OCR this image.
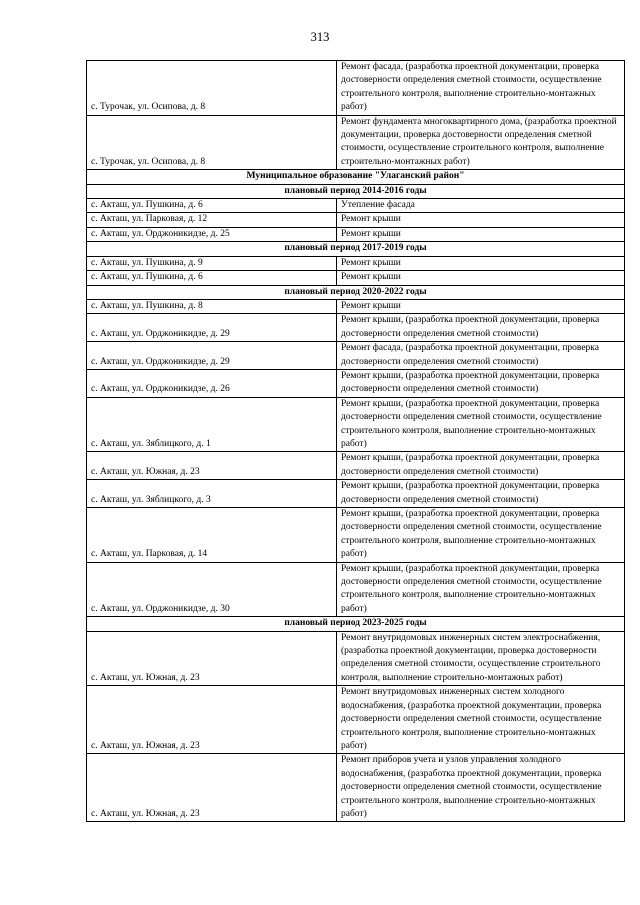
313
с. Турочак, ул. Осипова, д. 8	Ремонт фасада, (разработка проектной документации, проверка достоверности определения сметной стоимости, осуществление строительного контроля, выполнение строительно-монтажных работ)
с. Турочак, ул. Осипова, д. 8	Ремонт фундамента многоквартирного дома, (разработка проектной документации, проверка достоверности определения сметной стоимости, осуществление строительного контроля, выполнение строительно-монтажных работ)
Муниципальное образование "Улаганский район"	
плановый период 2014-2016 годы	
с. Акташ, ул. Пушкина, д. 6	Утепление фасада
с. Акташ, ул. Парковая, д. 12	Ремонт крыши
с. Акташ, ул. Орджоникидзе, д. 25	Ремонт крыши
плановый период 2017-2019 годы	
с. Акташ, ул. Пушкина, д. 9	Ремонт крыши
с. Акташ, ул. Пушкина, д. 6	Ремонт крыши
плановый период 2020-2022 годы	
с. Акташ, ул. Пушкина, д. 8	Ремонт крыши
с. Акташ, ул. Орджоникидзе, д. 29	Ремонт крыши, (разработка проектной документации, проверка достоверности определения сметной стоимости)
с. Акташ, ул. Орджоникидзе, д. 29	Ремонт фасада, (разработка проектной документации, проверка достоверности определения сметной стоимости)
с. Акташ, ул. Орджоникидзе, д. 26	Ремонт крыши, (разработка проектной документации, проверка достоверности определения сметной стоимости)
с. Акташ, ул. Зяблицкого, д. 1	Ремонт крыши, (разработка проектной документации, проверка достоверности определения сметной стоимости, осуществление строительного контроля, выполнение строительно-монтажных работ)
с. Акташ, ул. Южная, д. 23	Ремонт крыши, (разработка проектной документации, проверка достоверности определения сметной стоимости)
с. Акташ, ул. Зяблицкого, д. 3	Ремонт крыши, (разработка проектной документации, проверка достоверности определения сметной стоимости)
с. Акташ, ул. Парковая, д. 14	Ремонт крыши, (разработка проектной документации, проверка достоверности определения сметной стоимости, осуществление строительного контроля, выполнение строительно-монтажных работ)
с. Акташ, ул. Орджоникидзе, д. 30	Ремонт крыши, (разработка проектной документации, проверка достоверности определения сметной стоимости, осуществление строительного контроля, выполнение строительно-монтажных работ)
плановый период 2023-2025 годы	
с. Акташ, ул. Южная, д. 23	Ремонт внутридомовых инженерных систем электроснабжения, (разработка проектной документации, проверка достоверности определения сметной стоимости, осуществление строительного контроля, выполнение строительно-монтажных работ)
с. Акташ, ул. Южная, д. 23	Ремонт внутридомовых инженерных систем холодного водоснабжения, (разработка проектной документации, проверка достоверности определения сметной стоимости, осуществление строительного контроля, выполнение строительно-монтажных работ)
с. Акташ, ул. Южная, д. 23	Ремонт приборов учета и узлов управления холодного водоснабжения, (разработка проектной документации, проверка достоверности определения сметной стоимости, осуществление строительного контроля, выполнение строительно-монтажных работ)
